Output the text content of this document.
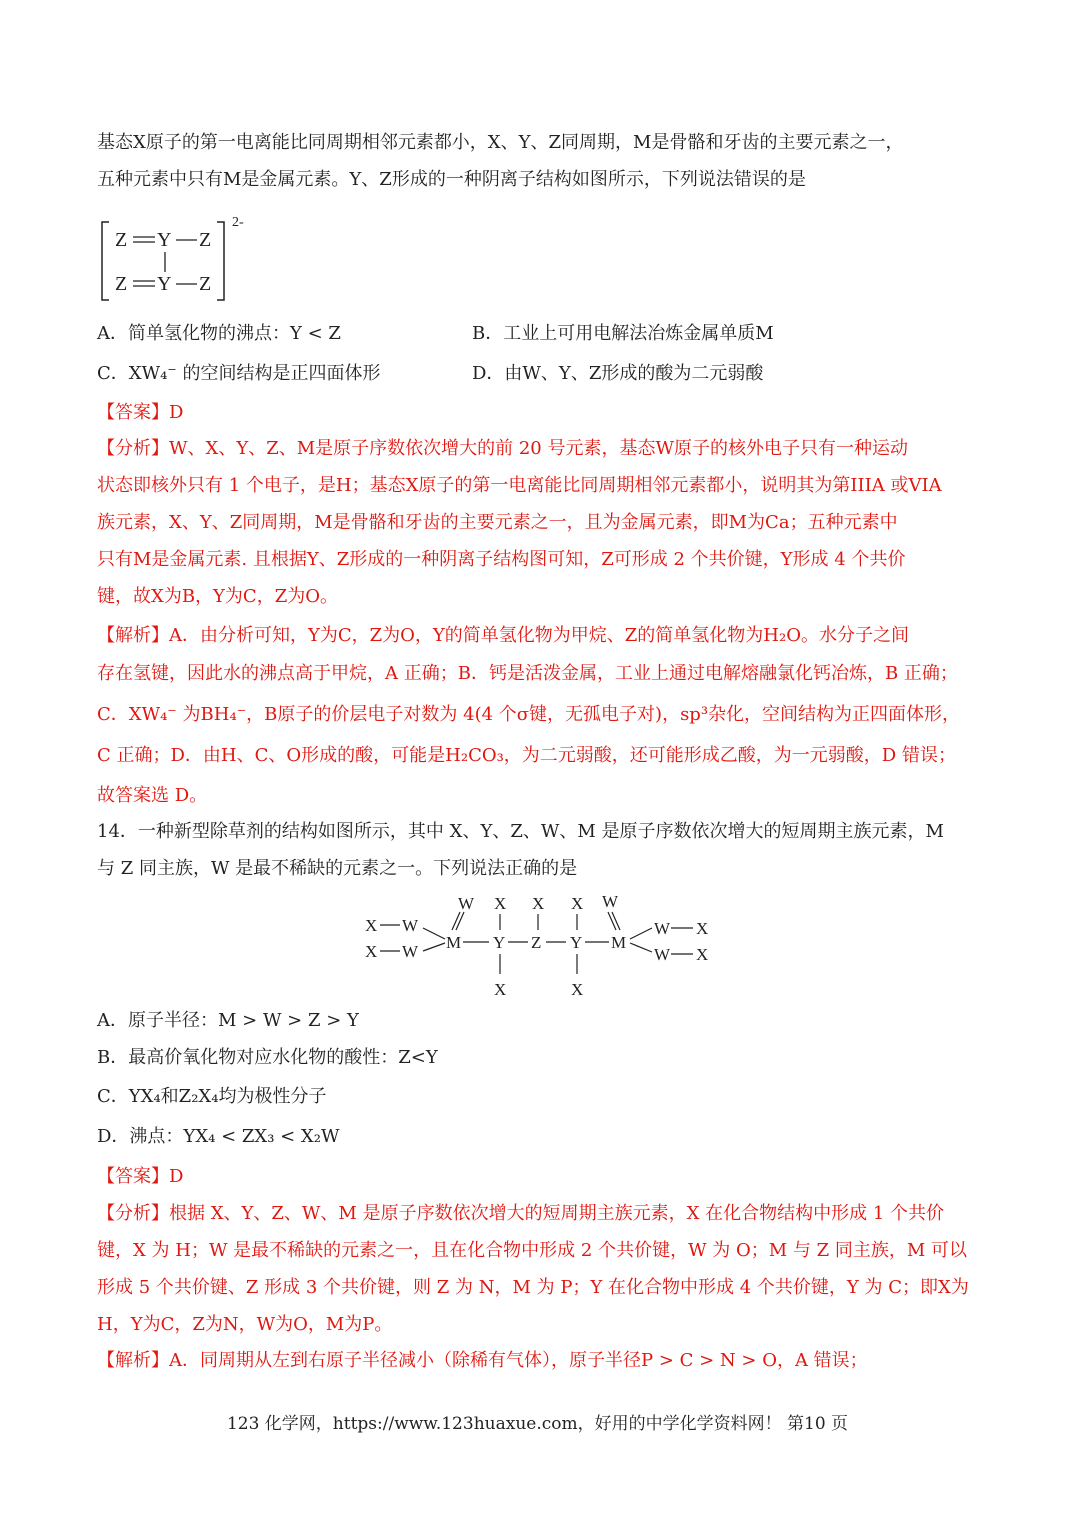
基态X原子的第一电离能比同周期相邻元素都小，X、Y、Z同周期，M是骨骼和牙齿的主要元素之一，
五种元素中只有M是金属元素。Y、Z形成的一种阴离子结构如图所示，下列说法错误的是
2-
Z Y Z
Z Y Z
A．简单氢化物的沸点：Y < Z	B．工业上可用电解法冶炼金属单质M
C．XW₄⁻ 的空间结构是正四面体形	D．由W、Y、Z形成的酸为二元弱酸
【答案】D
【分析】W、X、Y、Z、M是原子序数依次增大的前 20 号元素，基态W原子的核外电子只有一种运动
状态即核外只有 1 个电子，是H；基态X原子的第一电离能比同周期相邻元素都小，说明其为第IIIA 或VIA
族元素，X、Y、Z同周期，M是骨骼和牙齿的主要元素之一，且为金属元素，即M为Ca；五种元素中
只有M是金属元素. 且根据Y、Z形成的一种阴离子结构图可知，Z可形成 2 个共价键，Y形成 4 个共价
键，故X为B，Y为C，Z为O。
【解析】A．由分析可知，Y为C，Z为O，Y的简单氢化物为甲烷、Z的简单氢化物为H₂O。水分子之间
存在氢键，因此水的沸点高于甲烷，A 正确；B．钙是活泼金属，工业上通过电解熔融氯化钙冶炼，B 正确；
C．XW₄⁻ 为BH₄⁻，B原子的价层电子对数为 4(4 个σ键，无孤电子对)，sp³杂化，空间结构为正四面体形，
C 正确；D．由H、C、O形成的酸，可能是H₂CO₃，为二元弱酸，还可能形成乙酸，为一元弱酸，D 错误；
故答案选 D。
14．一种新型除草剂的结构如图所示，其中 X、Y、Z、W、M 是原子序数依次增大的短周期主族元素，M
与 Z 同主族，W 是最不稀缺的元素之一。下列说法正确的是
X W
X W
W X X X W
M Y Z Y M
X	X
W X
W X
A．原子半径：M > W > Z > Y
B．最高价氧化物对应水化物的酸性：Z<Y
C．YX₄和Z₂X₄均为极性分子
D．沸点：YX₄ < ZX₃ < X₂W
【答案】D
【分析】根据 X、Y、Z、W、M 是原子序数依次增大的短周期主族元素，X 在化合物结构中形成 1 个共价
键，X 为 H；W 是最不稀缺的元素之一，且在化合物中形成 2 个共价键，W 为 O；M 与 Z 同主族，M 可以
形成 5 个共价键、Z 形成 3 个共价键，则 Z 为 N，M 为 P；Y 在化合物中形成 4 个共价键，Y 为 C；即X为
H，Y为C，Z为N，W为O，M为P。
【解析】A．同周期从左到右原子半径减小（除稀有气体），原子半径P > C > N > O，A 错误；
123 化学网，https://www.123huaxue.com，好用的中学化学资料网！ 第10 页
